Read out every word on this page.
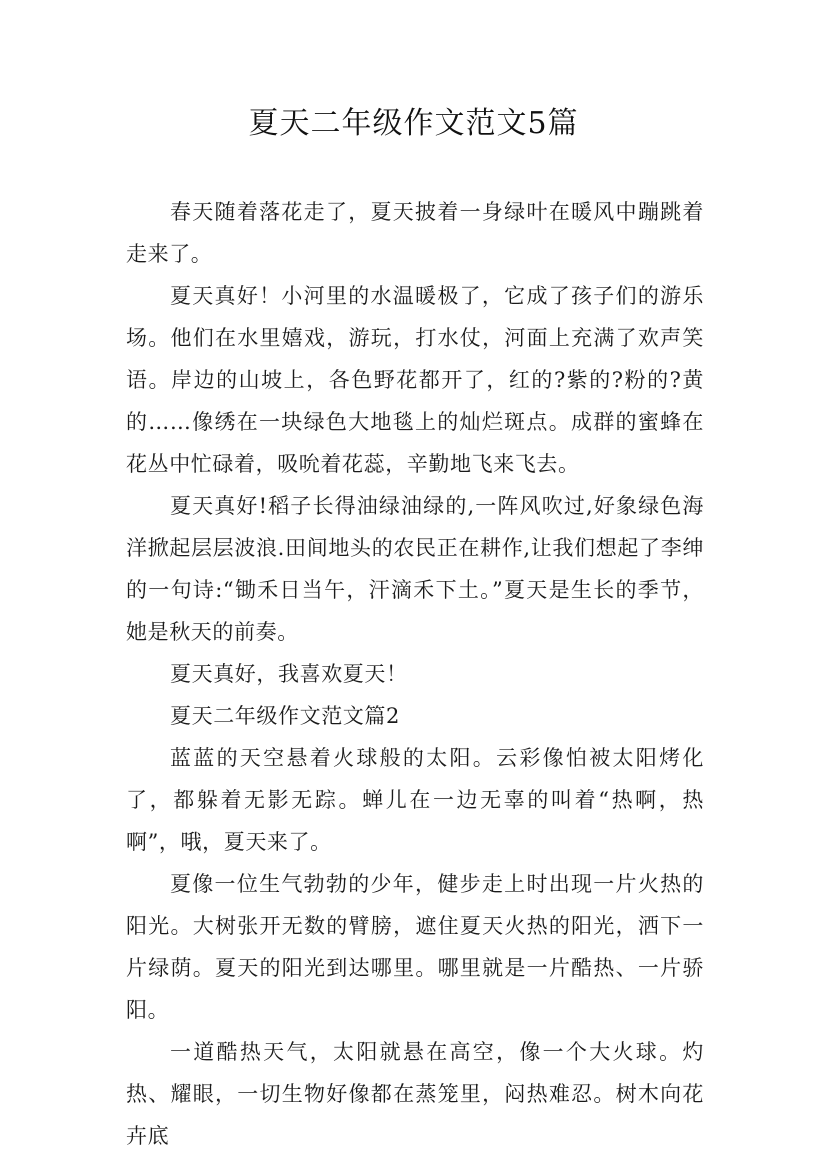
夏天二年级作文范文5篇

春天随着落花走了，夏天披着一身绿叶在暖风中蹦跳着走来了。

夏天真好！小河里的水温暖极了，它成了孩子们的游乐场。他们在水里嬉戏，游玩，打水仗，河面上充满了欢声笑语。岸边的山坡上，各色野花都开了，红的?紫的?粉的?黄的……像绣在一块绿色大地毯上的灿烂斑点。成群的蜜蜂在花丛中忙碌着，吸吮着花蕊，辛勤地飞来飞去。

夏天真好!稻子长得油绿油绿的,一阵风吹过,好象绿色海洋掀起层层波浪.田间地头的农民正在耕作,让我们想起了李绅的一句诗:“锄禾日当午，汗滴禾下土。”夏天是生长的季节，她是秋天的前奏。

夏天真好，我喜欢夏天！

夏天二年级作文范文篇2

蓝蓝的天空悬着火球般的太阳。云彩像怕被太阳烤化了，都躲着无影无踪。蝉儿在一边无辜的叫着“热啊，热啊”，哦，夏天来了。

夏像一位生气勃勃的少年，健步走上时出现一片火热的阳光。大树张开无数的臂膀，遮住夏天火热的阳光，洒下一片绿荫。夏天的阳光到达哪里。哪里就是一片酷热、一片骄阳。

一道酷热天气，太阳就悬在高空，像一个大火球。灼热、耀眼，一切生物好像都在蒸笼里，闷热难忍。树木向花卉底
